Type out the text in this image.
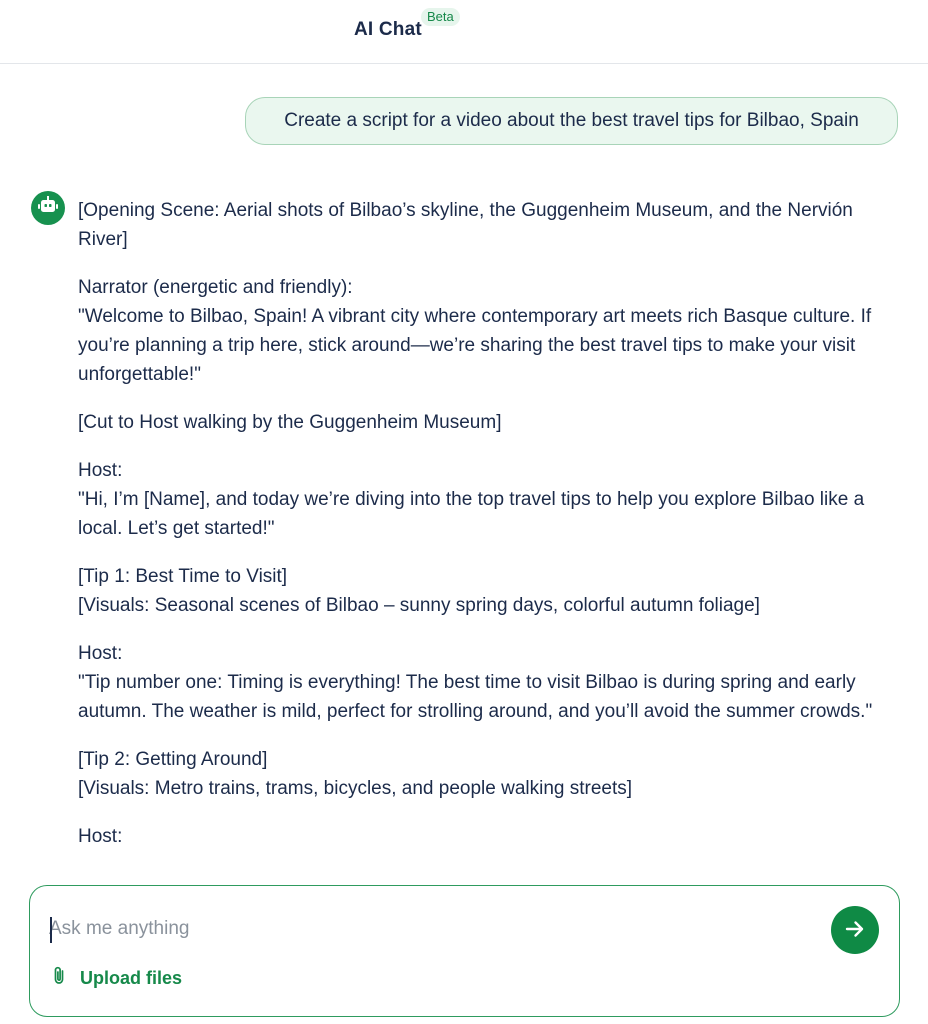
AI Chat
Beta
Create a script for a video about the best travel tips for Bilbao, Spain

[Opening Scene: Aerial shots of Bilbao’s skyline, the Guggenheim Museum, and the Nervión River]

Narrator (energetic and friendly):
"Welcome to Bilbao, Spain! A vibrant city where contemporary art meets rich Basque culture. If you’re planning a trip here, stick around—we’re sharing the best travel tips to make your visit unforgettable!"

[Cut to Host walking by the Guggenheim Museum]

Host:
"Hi, I’m [Name], and today we’re diving into the top travel tips to help you explore Bilbao like a local. Let’s get started!"

[Tip 1: Best Time to Visit]
[Visuals: Seasonal scenes of Bilbao – sunny spring days, colorful autumn foliage]

Host:
"Tip number one: Timing is everything! The best time to visit Bilbao is during spring and early autumn. The weather is mild, perfect for strolling around, and you’ll avoid the summer crowds."

[Tip 2: Getting Around]
[Visuals: Metro trains, trams, bicycles, and people walking streets]

Host:

Ask me anything
Upload files
